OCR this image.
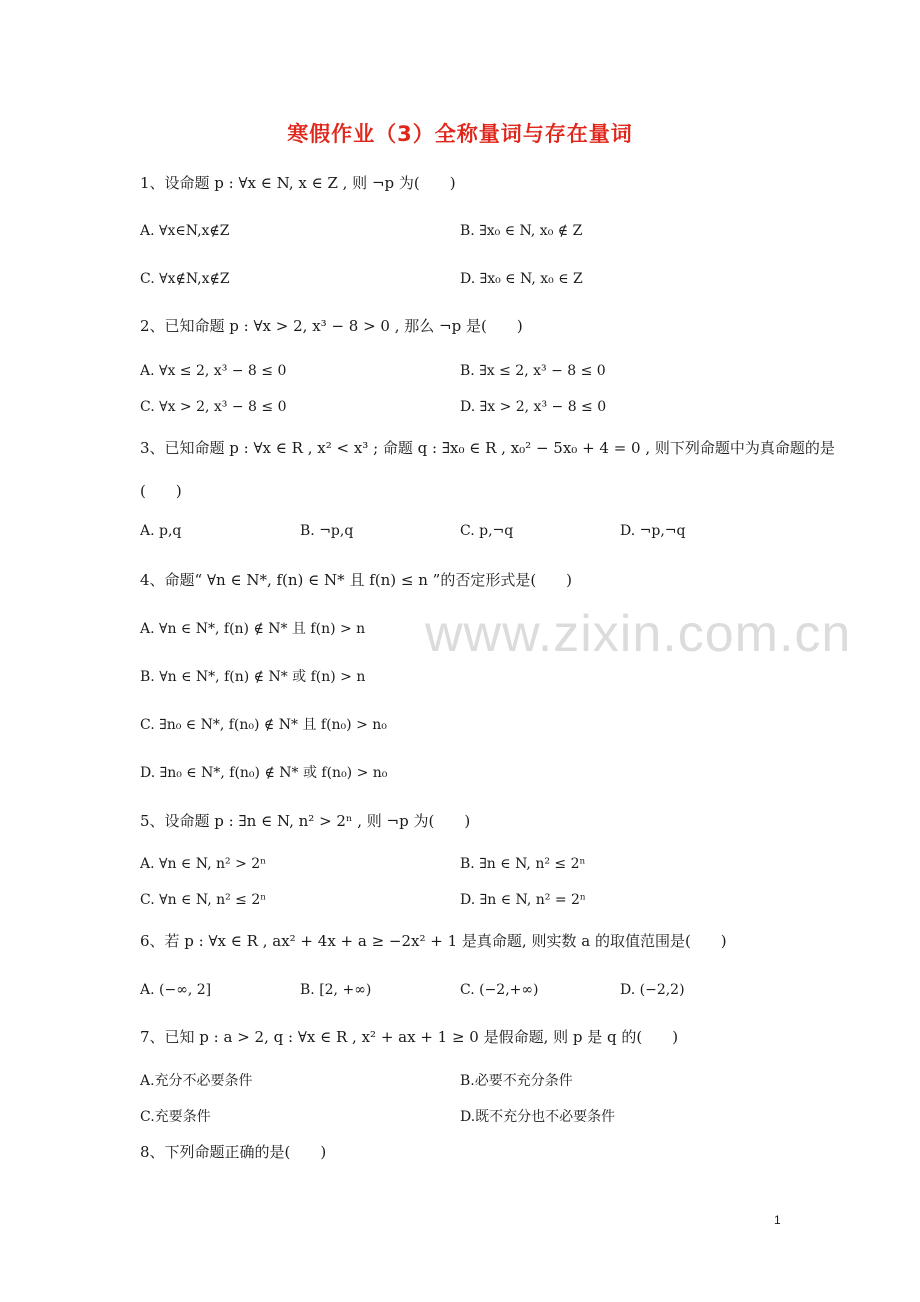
寒假作业（3）全称量词与存在量词
www.zixin.com.cn
1、设命题 p : ∀x ∈ N, x ∈ Z , 则 ¬p 为(　　)
A. ∀x∈N,x∉Z	B. ∃x₀ ∈ N, x₀ ∉ Z
C. ∀x∉N,x∉Z	D. ∃x₀ ∈ N, x₀ ∈ Z
2、已知命题 p : ∀x > 2, x³ − 8 > 0 , 那么 ¬p 是(　　)
A. ∀x ≤ 2, x³ − 8 ≤ 0	B. ∃x ≤ 2, x³ − 8 ≤ 0
C. ∀x > 2, x³ − 8 ≤ 0	D. ∃x > 2, x³ − 8 ≤ 0
3、已知命题 p : ∀x ∈ R , x² < x³ ; 命题 q : ∃x₀ ∈ R , x₀² − 5x₀ + 4 = 0 , 则下列命题中为真命题的是
(　　)
A. p,q	B. ¬p,q	C. p,¬q	D. ¬p,¬q
4、命题“ ∀n ∈ N*, f(n) ∈ N* 且 f(n) ≤ n ”的否定形式是(　　)
A. ∀n ∈ N*, f(n) ∉ N* 且 f(n) > n
B. ∀n ∈ N*, f(n) ∉ N* 或 f(n) > n
C. ∃n₀ ∈ N*, f(n₀) ∉ N* 且 f(n₀) > n₀
D. ∃n₀ ∈ N*, f(n₀) ∉ N* 或 f(n₀) > n₀
5、设命题 p : ∃n ∈ N, n² > 2ⁿ , 则 ¬p 为(　　)
A. ∀n ∈ N, n² > 2ⁿ	B. ∃n ∈ N, n² ≤ 2ⁿ
C. ∀n ∈ N, n² ≤ 2ⁿ	D. ∃n ∈ N, n² = 2ⁿ
6、若 p : ∀x ∈ R , ax² + 4x + a ≥ −2x² + 1 是真命题, 则实数 a 的取值范围是(　　)
A. (−∞, 2]	B. [2, +∞)	C. (−2,+∞)	D. (−2,2)
7、已知 p : a > 2, q : ∀x ∈ R , x² + ax + 1 ≥ 0 是假命题, 则 p 是 q 的(　　)
A.充分不必要条件	B.必要不充分条件
C.充要条件	D.既不充分也不必要条件
8、下列命题正确的是(　　)
1
